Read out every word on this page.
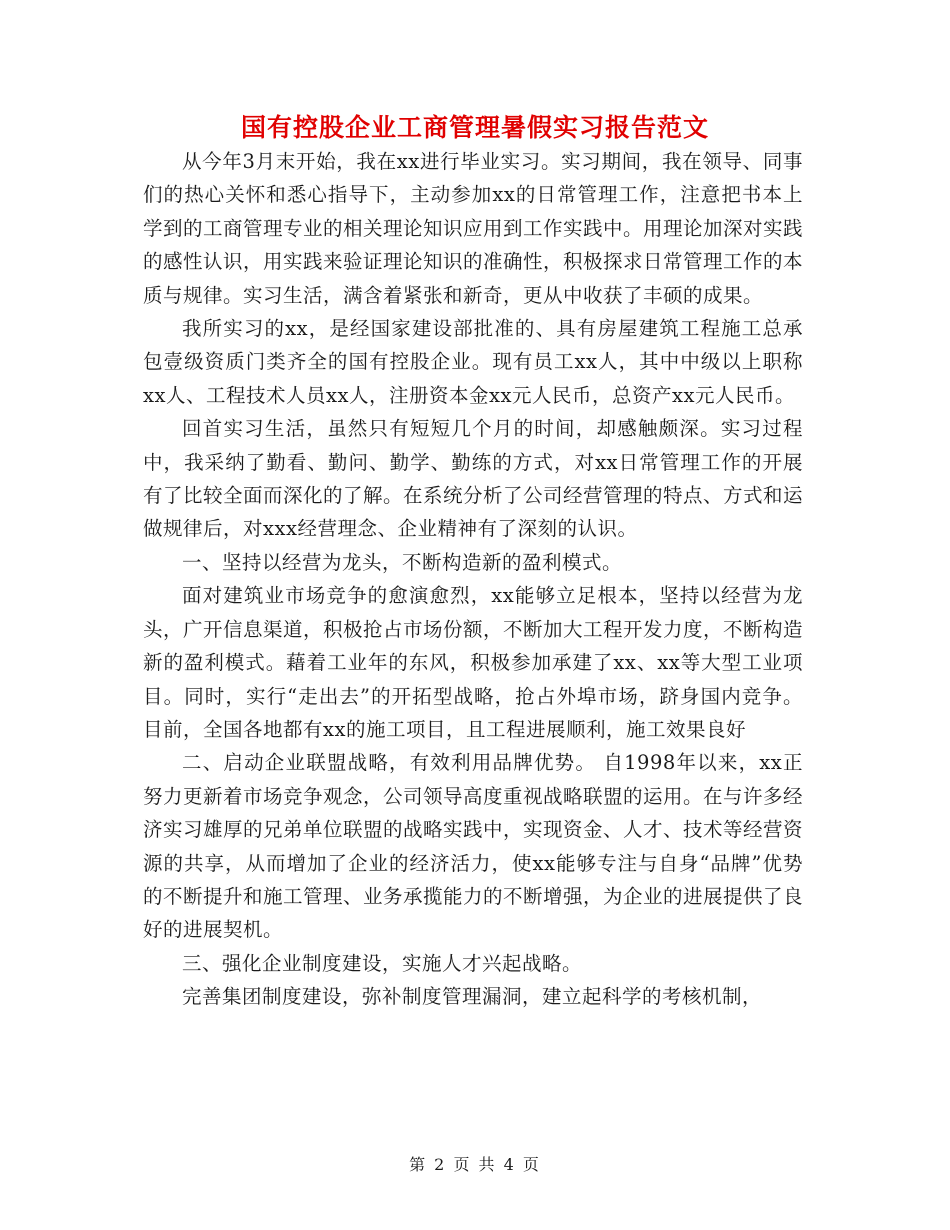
国有控股企业工商管理暑假实习报告范文

从今年3月末开始，我在xx进行毕业实习。实习期间，我在领导、同事们的热心关怀和悉心指导下，主动参加xx的日常管理工作，注意把书本上学到的工商管理专业的相关理论知识应用到工作实践中。用理论加深对实践的感性认识，用实践来验证理论知识的准确性，积极探求日常管理工作的本质与规律。实习生活，满含着紧张和新奇，更从中收获了丰硕的成果。

我所实习的xx，是经国家建设部批准的、具有房屋建筑工程施工总承包壹级资质门类齐全的国有控股企业。现有员工xx人，其中中级以上职称xx人、工程技术人员xx人，注册资本金xx元人民币，总资产xx元人民币。

回首实习生活，虽然只有短短几个月的时间，却感触颇深。实习过程中，我采纳了勤看、勤问、勤学、勤练的方式，对xx日常管理工作的开展有了比较全面而深化的了解。在系统分析了公司经营管理的特点、方式和运做规律后，对xxx经营理念、企业精神有了深刻的认识。

一、坚持以经营为龙头，不断构造新的盈利模式。

面对建筑业市场竞争的愈演愈烈，xx能够立足根本，坚持以经营为龙头，广开信息渠道，积极抢占市场份额，不断加大工程开发力度，不断构造新的盈利模式。藉着工业年的东风，积极参加承建了xx、xx等大型工业项目。同时，实行“走出去”的开拓型战略，抢占外埠市场，跻身国内竞争。目前，全国各地都有xx的施工项目，且工程进展顺利，施工效果良好

二、启动企业联盟战略，有效利用品牌优势。 自1998年以来，xx正努力更新着市场竞争观念，公司领导高度重视战略联盟的运用。在与许多经济实习雄厚的兄弟单位联盟的战略实践中，实现资金、人才、技术等经营资源的共享，从而增加了企业的经济活力，使xx能够专注与自身“品牌”优势的不断提升和施工管理、业务承揽能力的不断增强，为企业的进展提供了良好的进展契机。

三、强化企业制度建设，实施人才兴起战略。

完善集团制度建设，弥补制度管理漏洞，建立起科学的考核机制，

第 2 页 共 4 页
